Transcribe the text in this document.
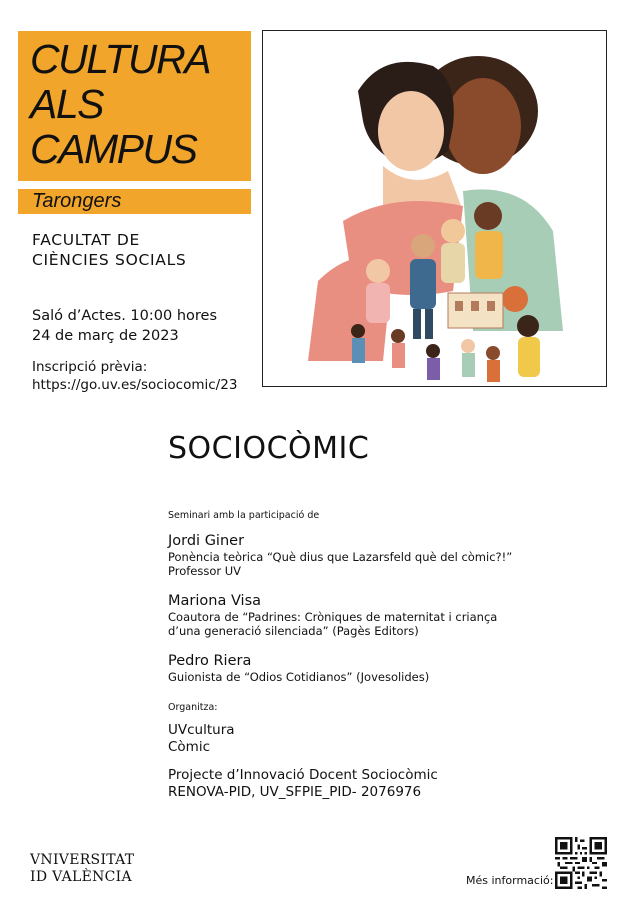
CULTURA
ALS
CAMPUS
Tarongers
FACULTAT DE
CIÈNCIES SOCIALS
Saló d’Actes. 10:00 hores
24 de març de 2023
Inscripció prèvia:
https://go.uv.es/sociocomic/23
SOCIOCÒMIC
Seminari amb la participació de
Jordi Giner
Ponència teòrica “Què dius que Lazarsfeld què del còmic?!”
Professor UV
Mariona Visa
Coautora de “Padrines: Cròniques de maternitat i criança
d’una generació silenciada” (Pagès Editors)
Pedro Riera
Guionista de “Odios Cotidianos” (Jovesolides)
Organitza:
UVcultura
Còmic
Projecte d’Innovació Docent Sociocòmic
RENOVA-PID, UV_SFPIE_PID- 2076976
VNIVERSITAT
ID VALÈNCIA	Més informació:
